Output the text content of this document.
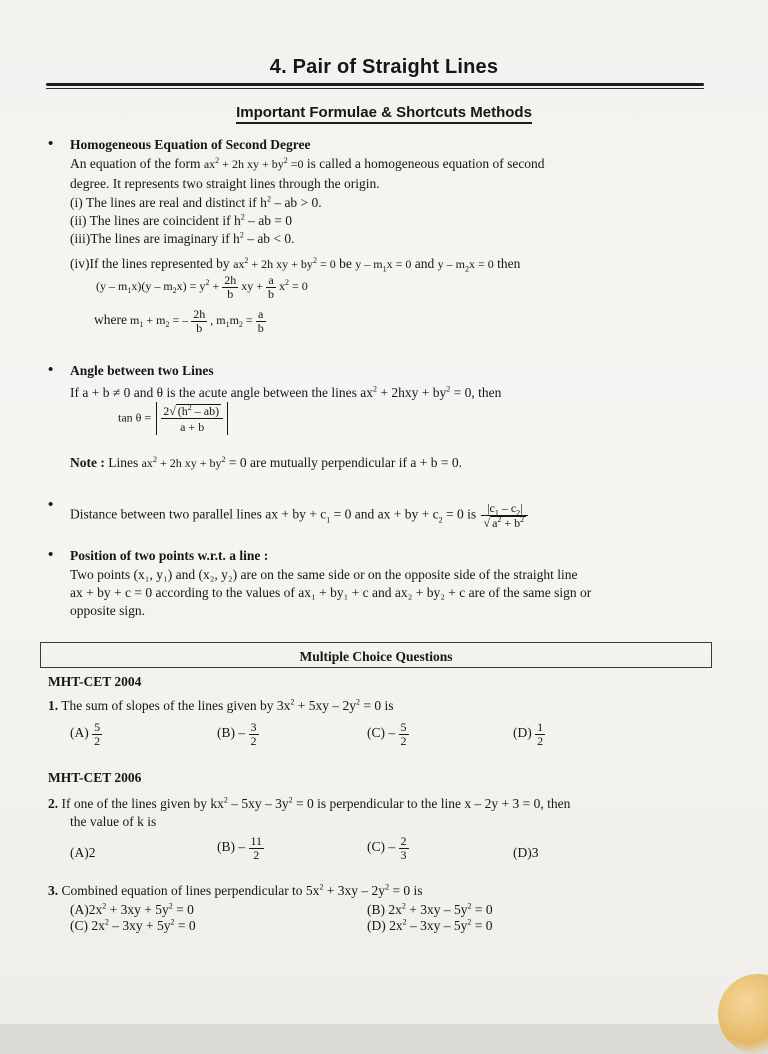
4. Pair of Straight Lines
Important Formulae & Shortcuts Methods
• Homogeneous Equation of Second Degree
An equation of the form $ax^2 + 2h$ xy + $by^2 =0$ is called a homogeneous equation of second
degree. It represents two straight lines through the origin.
(i) The lines are real and distinct if $h^2$ – ab > 0.
(ii) The lines are coincident if $h^2$ – ab = 0
(iii)The lines are imaginary if $h^2$ – ab < 0.
(iv)If the lines represented by $ax^2 + 2h$ xy + $by^2 = 0$ be $y - m_1x = 0$ and $y - m_2x = 0$ then
$(y - m_1x)(y - m_2x) = y^2 + \frac{2h}{b}$ xy + $\frac{a}{b} x^2 = 0$
where $m_1 + m_2$ = – $\frac{2h}{b}$ , $m_1m_2 = \frac{a}{b}$
• Angle between two Lines
If a + b ≠ 0 and θ is the acute angle between the lines $ax^2 + 2hxy + by^2 = 0$, then
$\tan \theta = \frac{2√ (h^2 - ab)}{a + b}$
Note : Lines $ax^2 + 2h$ xy + $by^2 = 0$ are mutually perpendicular if a + b = 0.
•
Distance between two parallel lines ax + by + $c_1 = 0$ and ax + by + $c_2 = 0$ is $\frac{|c_1 - c_2|}{√ a^2 + b^2}$
• Position of two points w.r.t. a line :
Two points (x₁, y₁) and (x₂, y₂) are on the same side or on the opposite side of the straight line
ax + by + c = 0 according to the values of ax₁ + by₁ + c and ax₂ + by₂ + c are of the same sign or
opposite sign.
Multiple Choice Questions
MHT-CET 2004
1. The sum of slopes of the lines given by $3x^2 + 5xy - 2y^2 = 0$ is
$(A) \frac{5}{2}$	$(B) - \frac{3}{2}$	$(C) - \frac{5}{2}$	$(D) \frac{1}{2}$
MHT-CET 2006
2. If one of the lines given by $kx^2 - 5xy - 3y^2 = 0$ is perpendicular to the line x – 2y + 3 = 0, then
the value of k is
(A)2	$(B) - \frac{11}{2}$	$(C) - \frac{2}{3}$	(D)3
3. Combined equation of lines perpendicular to $5x^2 + 3xy - 2y^2 = 0$ is
$(A)2x^2 + 3xy + 5y^2 = 0$	(B) $2x^2 + 3xy - 5y^2 = 0$
(C) $2x^2 - 3xy + 5y^2 = 0$	(D) $2x^2 - 3xy - 5y^2 = 0$
